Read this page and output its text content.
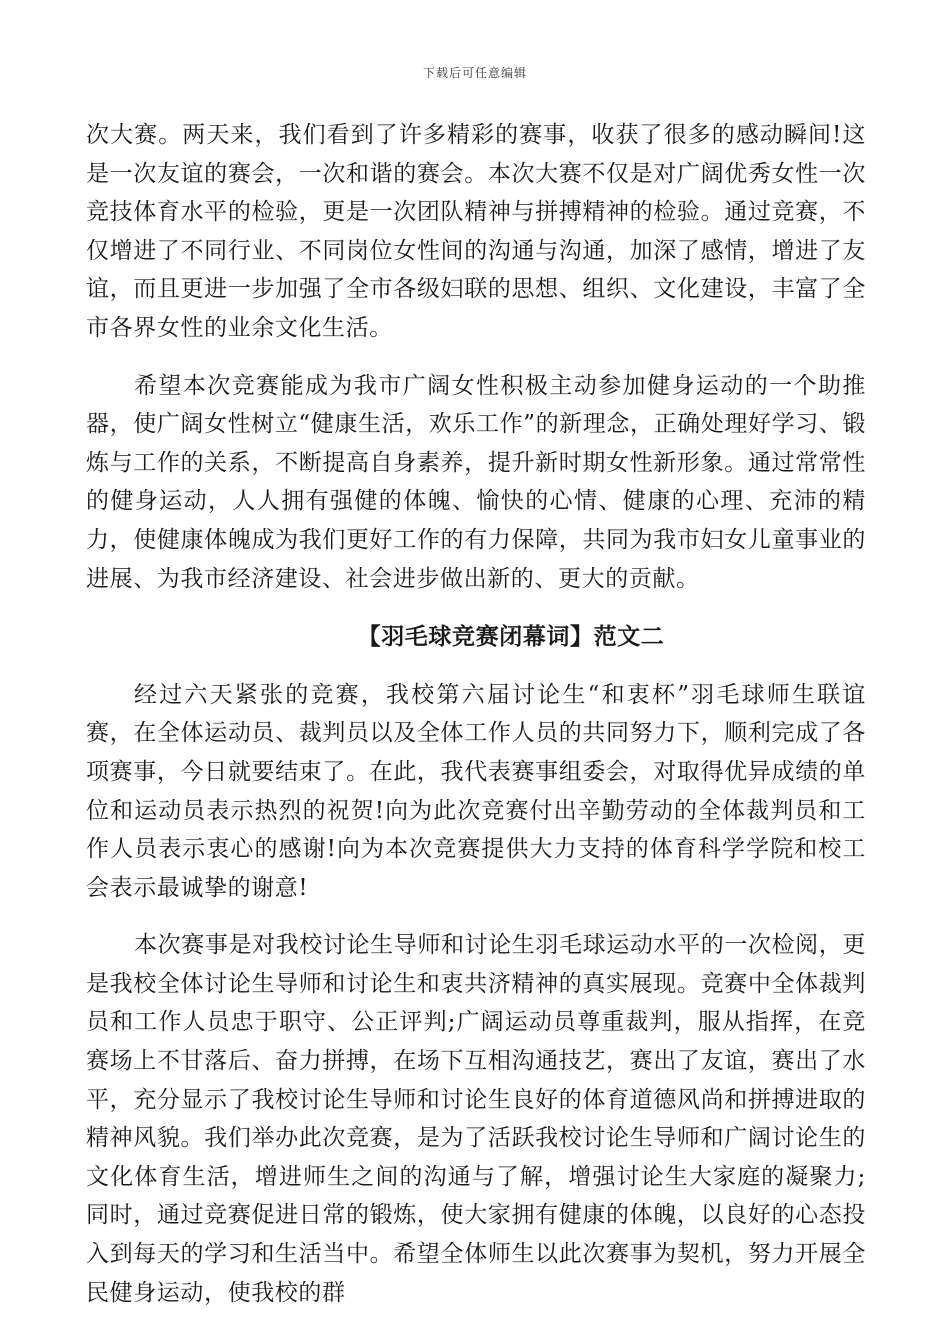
下载后可任意编辑

次大赛。两天来，我们看到了许多精彩的赛事，收获了很多的感动瞬间!这是一次友谊的赛会，一次和谐的赛会。本次大赛不仅是对广阔优秀女性一次竞技体育水平的检验，更是一次团队精神与拼搏精神的检验。通过竞赛，不仅增进了不同行业、不同岗位女性间的沟通与沟通，加深了感情，增进了友谊，而且更进一步加强了全市各级妇联的思想、组织、文化建设，丰富了全市各界女性的业余文化生活。

希望本次竞赛能成为我市广阔女性积极主动参加健身运动的一个助推器，使广阔女性树立“健康生活，欢乐工作”的新理念，正确处理好学习、锻炼与工作的关系，不断提高自身素养，提升新时期女性新形象。通过常常性的健身运动，人人拥有强健的体魄、愉快的心情、健康的心理、充沛的精力，使健康体魄成为我们更好工作的有力保障，共同为我市妇女儿童事业的进展、为我市经济建设、社会进步做出新的、更大的贡献。

【羽毛球竞赛闭幕词】范文二

经过六天紧张的竞赛，我校第六届讨论生“和衷杯”羽毛球师生联谊赛，在全体运动员、裁判员以及全体工作人员的共同努力下，顺利完成了各项赛事，今日就要结束了。在此，我代表赛事组委会，对取得优异成绩的单位和运动员表示热烈的祝贺!向为此次竞赛付出辛勤劳动的全体裁判员和工作人员表示衷心的感谢!向为本次竞赛提供大力支持的体育科学学院和校工会表示最诚挚的谢意!

本次赛事是对我校讨论生导师和讨论生羽毛球运动水平的一次检阅，更是我校全体讨论生导师和讨论生和衷共济精神的真实展现。竞赛中全体裁判员和工作人员忠于职守、公正评判;广阔运动员尊重裁判，服从指挥，在竞赛场上不甘落后、奋力拼搏，在场下互相沟通技艺，赛出了友谊，赛出了水平，充分显示了我校讨论生导师和讨论生良好的体育道德风尚和拼搏进取的精神风貌。我们举办此次竞赛，是为了活跃我校讨论生导师和广阔讨论生的文化体育生活，增进师生之间的沟通与了解，增强讨论生大家庭的凝聚力;同时，通过竞赛促进日常的锻炼，使大家拥有健康的体魄，以良好的心态投入到每天的学习和生活当中。希望全体师生以此次赛事为契机，努力开展全民健身运动，使我校的群
